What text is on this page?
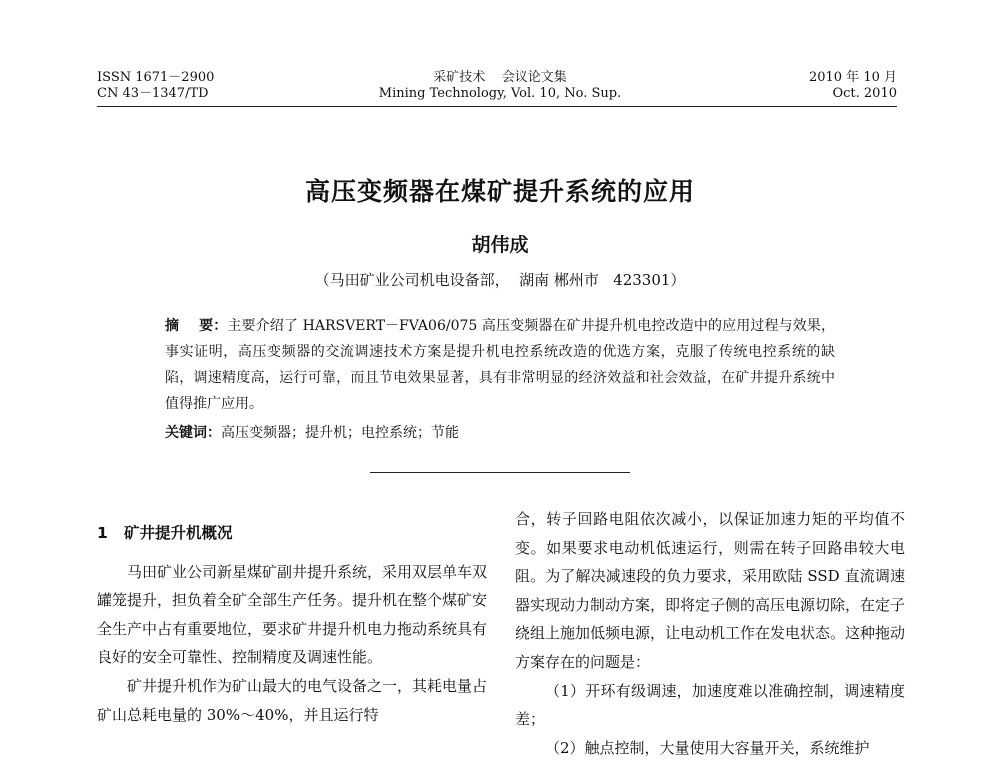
ISSN 1671－2900
CN 43－1347/TD
采矿技术    会议论文集
Mining Technology, Vol. 10, No. Sup.
2010 年 10 月
Oct. 2010
高压变频器在煤矿提升系统的应用
胡伟成
（马田矿业公司机电设备部，  湖南 郴州市   423301）
摘    要：主要介绍了 HARSVERT－FVA06/075 高压变频器在矿井提升机电控改造中的应用过程与效果，事实证明，高压变频器的交流调速技术方案是提升机电控系统改造的优选方案，克服了传统电控系统的缺陷，调速精度高，运行可靠，而且节电效果显著，具有非常明显的经济效益和社会效益，在矿井提升系统中值得推广应用。
关键词：高压变频器；提升机；电控系统；节能

1   矿井提升机概况

马田矿业公司新星煤矿副井提升系统，采用双层单车双罐笼提升，担负着全矿全部生产任务。提升机在整个煤矿安全生产中占有重要地位，要求矿井提升机电力拖动系统具有良好的安全可靠性、控制精度及调速性能。

矿井提升机作为矿山最大的电气设备之一，其耗电量占矿山总耗电量的 30%～40%，并且运行特

合，转子回路电阻依次减小，以保证加速力矩的平均值不变。如果要求电动机低速运行，则需在转子回路串较大电阻。为了解决减速段的负力要求，采用欧陆 SSD 直流调速器实现动力制动方案，即将定子侧的高压电源切除，在定子绕组上施加低频电源，让电动机工作在发电状态。这种拖动方案存在的问题是：

（1）开环有级调速，加速度难以准确控制，调速精度差；

（2）触点控制，大量使用大容量开关，系统维护
